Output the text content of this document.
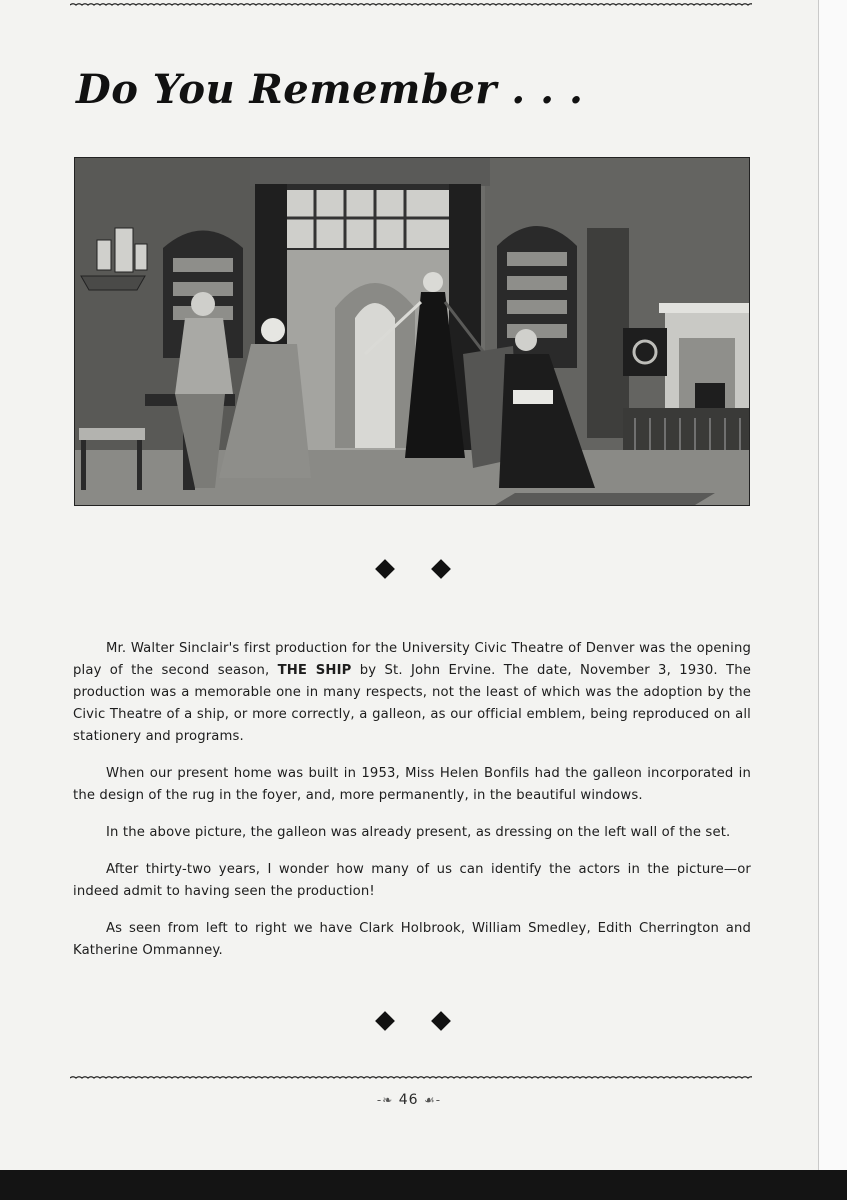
Do You Remember . . .

Mr. Walter Sinclair's first production for the University Civic Theatre of Denver was the opening play of the second season, THE SHIP by St. John Ervine. The date, November 3, 1930. The production was a memorable one in many respects, not the least of which was the adoption by the Civic Theatre of a ship, or more correctly, a galleon, as our official emblem, being reproduced on all stationery and programs.

When our present home was built in 1953, Miss Helen Bonfils had the galleon incorporated in the design of the rug in the foyer, and, more permanently, in the beautiful windows.

In the above picture, the galleon was already present, as dressing on the left wall of the set.

After thirty-two years, I wonder how many of us can identify the actors in the picture—or indeed admit to having seen the production!

As seen from left to right we have Clark Holbrook, William Smedley, Edith Cherrington and Katherine Ommanney.

-❧ 46 ☙-
